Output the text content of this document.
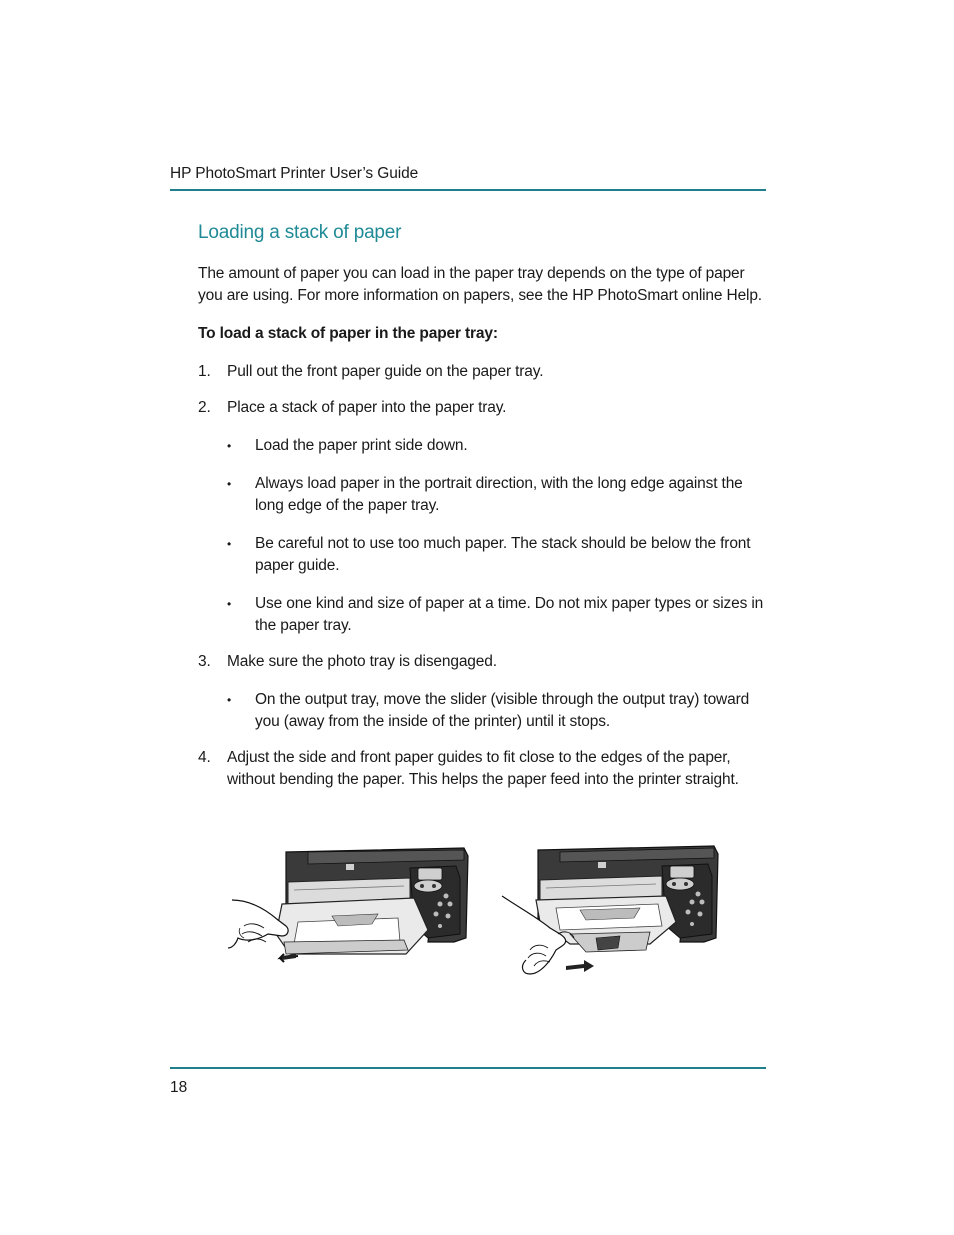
HP PhotoSmart Printer User’s Guide
Loading a stack of paper

The amount of paper you can load in the paper tray depends on the type of paper you are using. For more information on papers, see the HP PhotoSmart online Help.

To load a stack of paper in the paper tray:

1. Pull out the front paper guide on the paper tray.
2. Place a stack of paper into the paper tray.
• Load the paper print side down.
• Always load paper in the portrait direction, with the long edge against the long edge of the paper tray.
• Be careful not to use too much paper. The stack should be below the front paper guide.
• Use one kind and size of paper at a time. Do not mix paper types or sizes in the paper tray.
3. Make sure the photo tray is disengaged.
• On the output tray, move the slider (visible through the output tray) toward you (away from the inside of the printer) until it stops.
4. Adjust the side and front paper guides to fit close to the edges of the paper, without bending the paper. This helps the paper feed into the printer straight.
18
